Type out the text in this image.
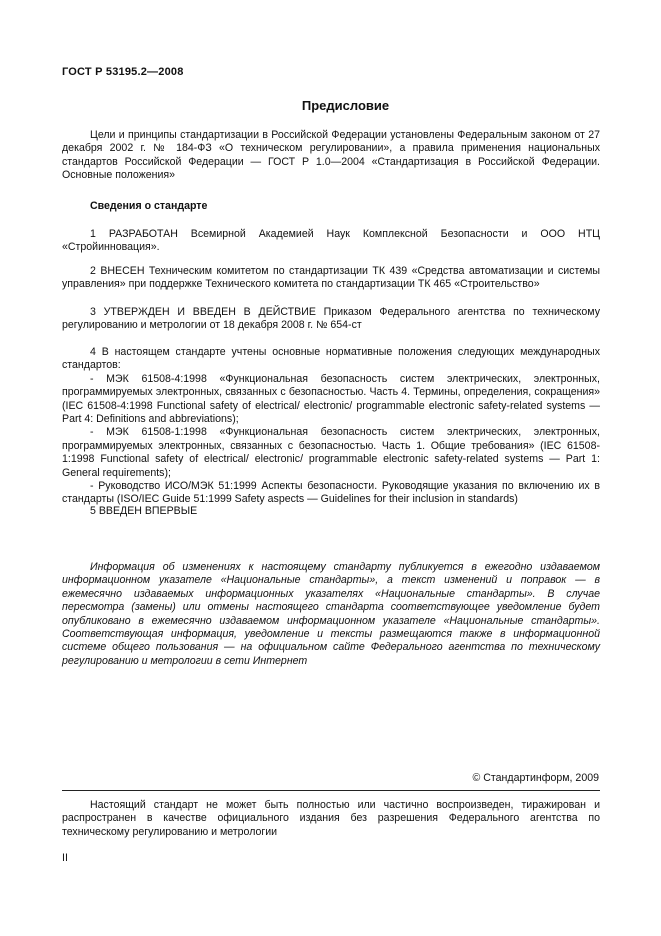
ГОСТ Р 53195.2—2008
Предисловие

Цели и принципы стандартизации в Российской Федерации установлены Федеральным законом от 27 декабря 2002 г. № 184-ФЗ «О техническом регулировании», а правила применения национальных стандартов Российской Федерации — ГОСТ Р 1.0—2004 «Стандартизация в Российской Федерации. Основные положения»

Сведения о стандарте

1 РАЗРАБОТАН Всемирной Академией Наук Комплексной Безопасности и ООО НТЦ «Стройинновация».

2 ВНЕСЕН Техническим комитетом по стандартизации ТК 439 «Средства автоматизации и системы управления» при поддержке Технического комитета по стандартизации ТК 465 «Строительство»

3 УТВЕРЖДЕН И ВВЕДЕН В ДЕЙСТВИЕ Приказом Федерального агентства по техническому регулированию и метрологии от 18 декабря 2008 г. № 654-ст

4 В настоящем стандарте учтены основные нормативные положения следующих международных стандартов:

- МЭК 61508-4:1998 «Функциональная безопасность систем электрических, электронных, программируемых электронных, связанных с безопасностью. Часть 4. Термины, определения, сокращения» (IEC 61508-4:1998 Functional safety of electrical/ electronic/ programmable electronic safety-related systems — Part 4: Definitions and abbreviations);

- МЭК 61508-1:1998 «Функциональная безопасность систем электрических, электронных, программируемых электронных, связанных с безопасностью. Часть 1. Общие требования» (IEC 61508-1:1998 Functional safety of electrical/ electronic/ programmable electronic safety-related systems — Part 1: General requirements);

- Руководство ИСО/МЭК 51:1999 Аспекты безопасности. Руководящие указания по включению их в стандарты (ISO/IEC Guide 51:1999 Safety aspects — Guidelines for their inclusion in standards)

5 ВВЕДЕН ВПЕРВЫЕ

Информация об изменениях к настоящему стандарту публикуется в ежегодно издаваемом информационном указателе «Национальные стандарты», а текст изменений и поправок — в ежемесячно издаваемых информационных указателях «Национальные стандарты». В случае пересмотра (замены) или отмены настоящего стандарта соответствующее уведомление будет опубликовано в ежемесячно издаваемом информационном указателе «Национальные стандарты». Соответствующая информация, уведомление и тексты размещаются также в информационной системе общего пользования — на официальном сайте Федерального агентства по техническому регулированию и метрологии в сети Интернет

© Стандартинформ, 2009

Настоящий стандарт не может быть полностью или частично воспроизведен, тиражирован и распространен в качестве официального издания без разрешения Федерального агентства по техническому регулированию и метрологии

II
